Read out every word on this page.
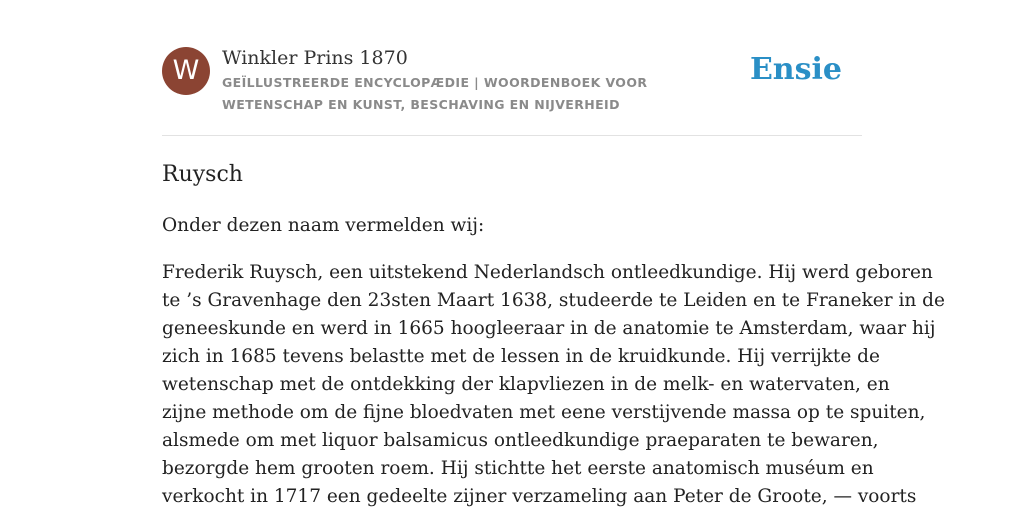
W	Winkler Prins 1870
GEÏLLUSTREERDE ENCYCLOPÆDIE | WOORDENBOEK VOOR WETENSCHAP EN KUNST, BESCHAVING EN NIJVERHEID
Ensie
Ruysch

Onder dezen naam vermelden wij:

Frederik Ruysch, een uitstekend Nederlandsch ontleedkundige. Hij werd geboren
te ’s Gravenhage den 23sten Maart 1638, studeerde te Leiden en te Franeker in de
geneeskunde en werd in 1665 hoogleeraar in de anatomie te Amsterdam, waar hij
zich in 1685 tevens belastte met de lessen in de kruidkunde. Hij verrijkte de
wetenschap met de ontdekking der klapvliezen in de melk- en watervaten, en
zijne methode om de fijne bloedvaten met eene verstijvende massa op te spuiten,
alsmede om met liquor balsamicus ontleedkundige praeparaten te bewaren,
bezorgde hem grooten roem. Hij stichtte het eerste anatomisch muséum en
verkocht in 1717 een gedeelte zijner verzameling aan Peter de Groote, — voorts
